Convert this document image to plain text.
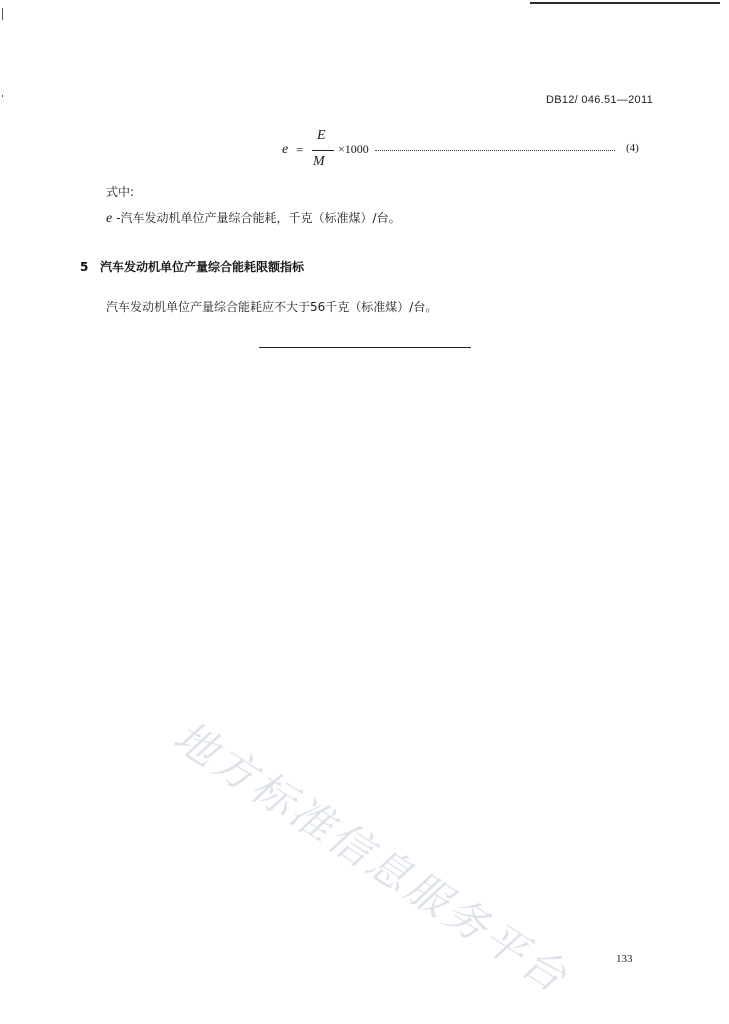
DB12/ 046.51—2011
e =
E
M
×1000	(4)
式中:
e -汽车发动机单位产量综合能耗，千克（标准煤）/台。
5 汽车发动机单位产量综合能耗限额指标
汽车发动机单位产量综合能耗应不大于56千克（标准煤）/台。
地方标准信息服务平台	133
